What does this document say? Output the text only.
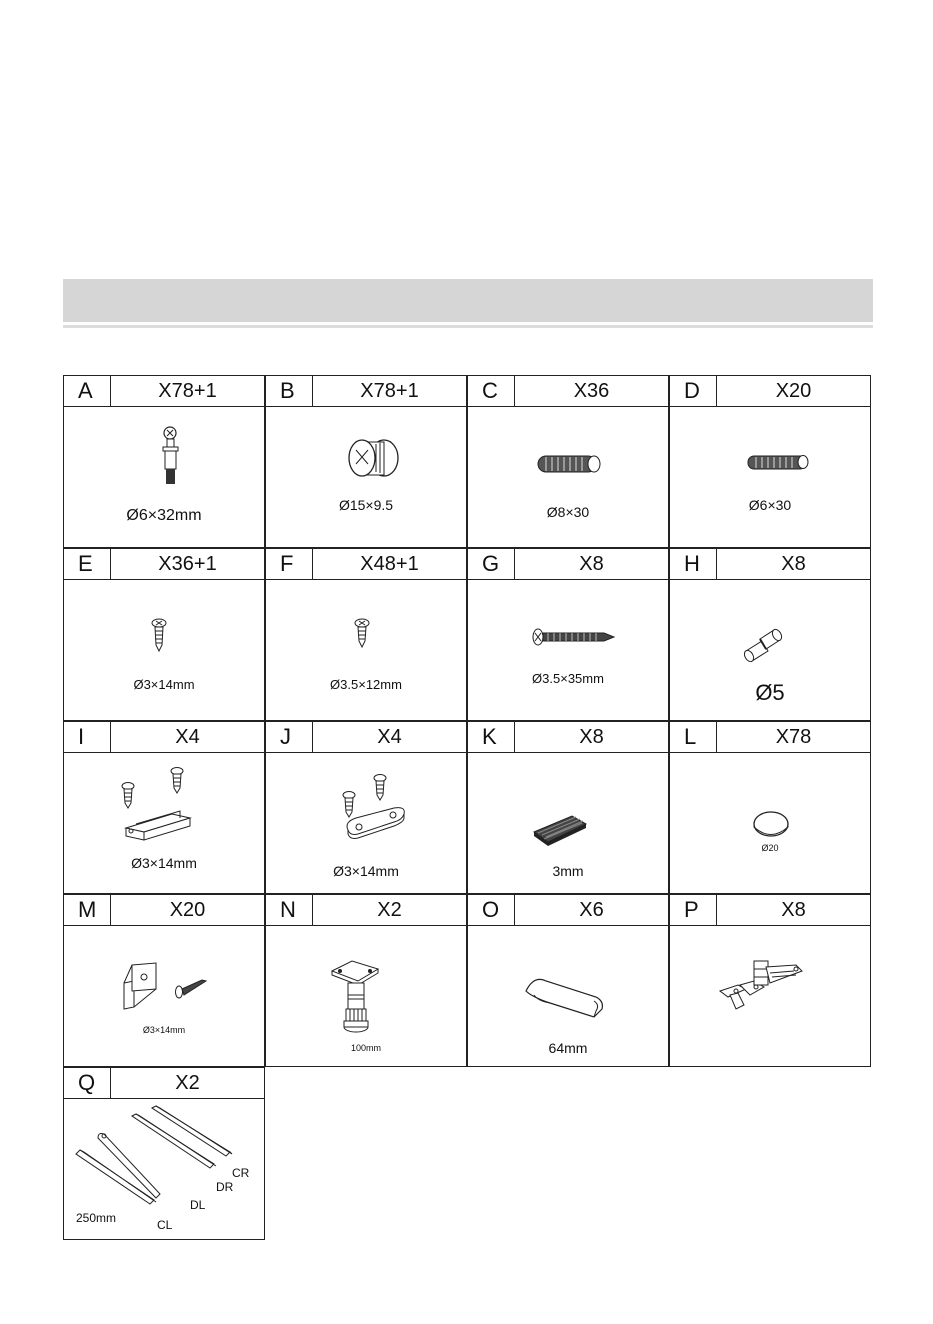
A	X78+1
Ø6×32mm
B	X78+1
Ø15×9.5
C	X36
Ø8×30
D	X20
Ø6×30
E	X36+1
Ø3×14mm
F	X48+1
Ø3.5×12mm
G	X8
Ø3.5×35mm
H	X8
Ø5
I	X4
Ø3×14mm
J	X4
Ø3×14mm
K	X8
3mm
L	X78
Ø20
M	X20
Ø3×14mm
N	X2
100mm
O	X6
64mm
P	X8
Q	X2
CR
DR
DL
CL
250mm
